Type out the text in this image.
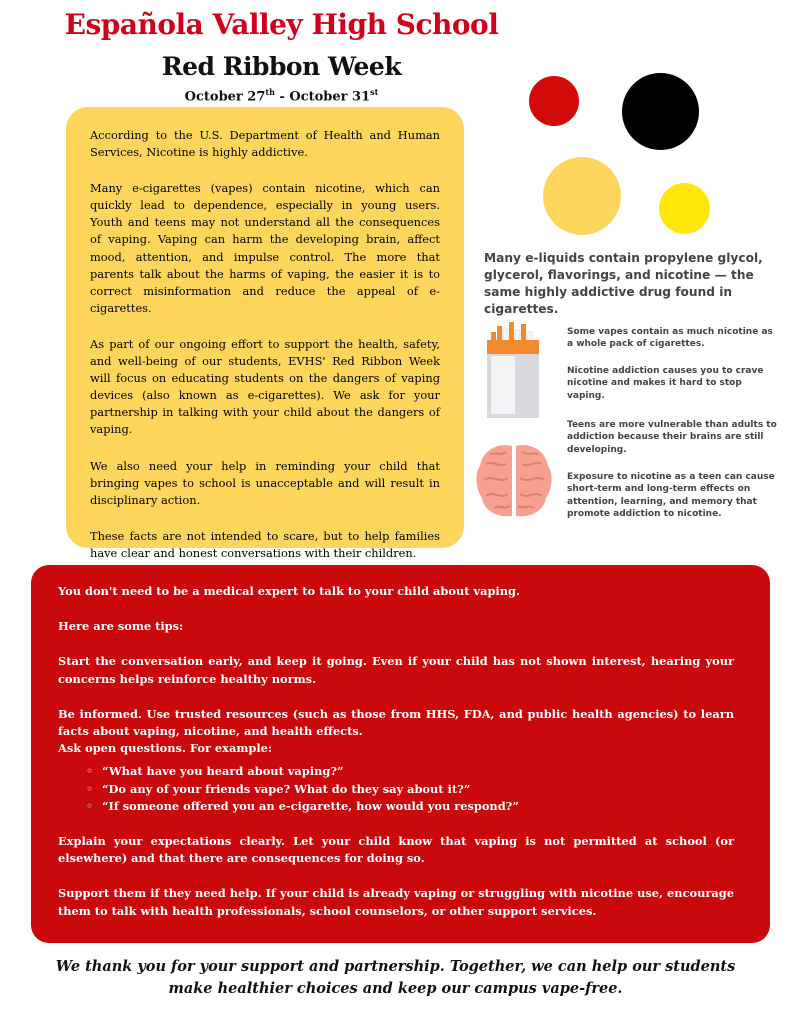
Española Valley High School
Red Ribbon Week
October 27th - October 31st

According to the U.S. Department of Health and Human Services, Nicotine is highly addictive.

Many e-cigarettes (vapes) contain nicotine, which can quickly lead to dependence, especially in young users. Youth and teens may not understand all the consequences of vaping. Vaping can harm the developing brain, affect mood, attention, and impulse control. The more that parents talk about the harms of vaping, the easier it is to correct misinformation and reduce the appeal of e-cigarettes.

As part of our ongoing effort to support the health, safety, and well-being of our students, EVHS' Red Ribbon Week will focus on educating students on the dangers of vaping devices (also known as e-cigarettes). We ask for your partnership in talking with your child about the dangers of vaping.

We also need your help in reminding your child that bringing vapes to school is unacceptable and will result in disciplinary action.

These facts are not intended to scare, but to help families have clear and honest conversations with their children.

Many e-liquids contain propylene glycol, glycerol, flavorings, and nicotine — the same highly addictive drug found in cigarettes.
Some vapes contain as much nicotine as a whole pack of cigarettes.
Nicotine addiction causes you to crave nicotine and makes it hard to stop vaping.
Teens are more vulnerable than adults to addiction because their brains are still developing.
Exposure to nicotine as a teen can cause short-term and long-term effects on attention, learning, and memory that promote addiction to nicotine.

You don't need to be a medical expert to talk to your child about vaping.

Here are some tips:

Start the conversation early, and keep it going. Even if your child has not shown interest, hearing your concerns helps reinforce healthy norms.

Be informed. Use trusted resources (such as those from HHS, FDA, and public health agencies) to learn facts about vaping, nicotine, and health effects.

Ask open questions. For example:

◦ “What have you heard about vaping?”
◦ “Do any of your friends vape? What do they say about it?”
◦ “If someone offered you an e-cigarette, how would you respond?”

Explain your expectations clearly. Let your child know that vaping is not permitted at school (or elsewhere) and that there are consequences for doing so.

Support them if they need help. If your child is already vaping or struggling with nicotine use, encourage them to talk with health professionals, school counselors, or other support services.

We thank you for your support and partnership. Together, we can help our students make healthier choices and keep our campus vape-free.
